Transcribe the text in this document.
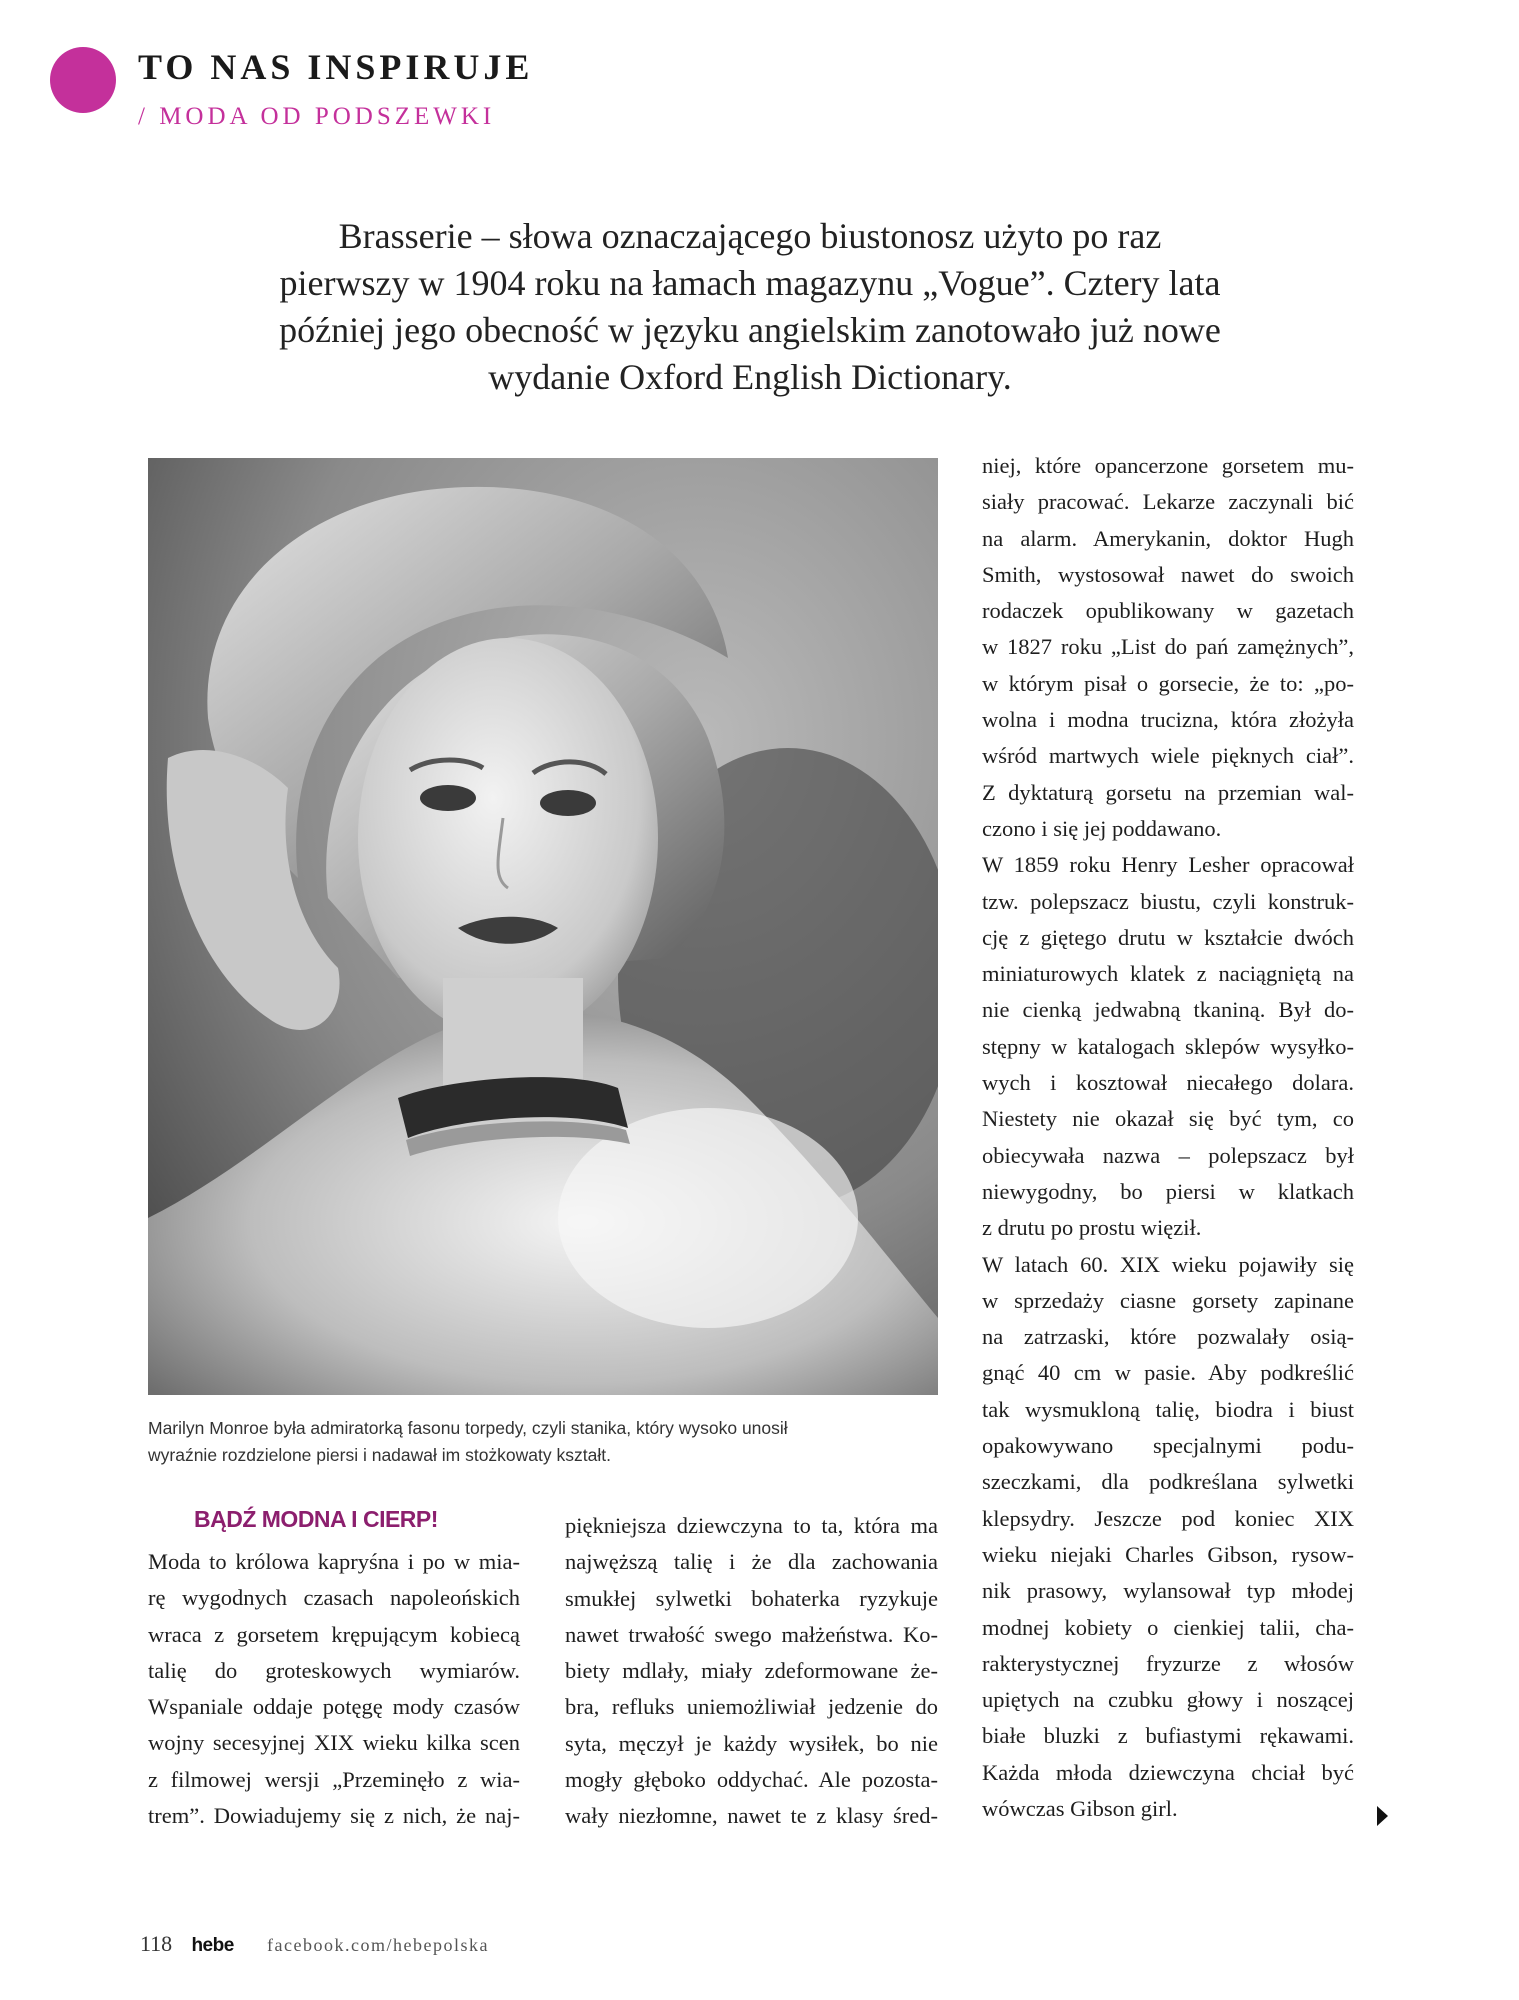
TO NAS INSPIRUJE
/ MODA OD PODSZEWKI
Brasserie – słowa oznaczającego biustonosz użyto po raz
pierwszy w 1904 roku na łamach magazynu „Vogue”. Cztery lata
później jego obecność w języku angielskim zanotowało już nowe
wydanie Oxford English Dictionary.
Marilyn Monroe była admiratorką fasonu torpedy, czyli stanika, który wysoko unosił
wyraźnie rozdzielone piersi i nadawał im stożkowaty kształt.
BĄDŹ MODNA I CIERP!
Moda to królowa kapryśna i po w mia-
rę wygodnych czasach napoleońskich
wraca z gorsetem krępującym kobiecą
talię do groteskowych wymiarów.
Wspaniale oddaje potęgę mody czasów
wojny secesyjnej XIX wieku kilka scen
z filmowej wersji „Przeminęło z wia-
trem”. Dowiadujemy się z nich, że naj-
piękniejsza dziewczyna to ta, która ma
najwęższą talię i że dla zachowania
smukłej sylwetki bohaterka ryzykuje
nawet trwałość swego małżeństwa. Ko-
biety mdlały, miały zdeformowane że-
bra, refluks uniemożliwiał jedzenie do
syta, męczył je każdy wysiłek, bo nie
mogły głęboko oddychać. Ale pozosta-
wały niezłomne, nawet te z klasy śred-
niej, które opancerzone gorsetem mu-
siały pracować. Lekarze zaczynali bić
na alarm. Amerykanin, doktor Hugh
Smith, wystosował nawet do swoich
rodaczek opublikowany w gazetach
w 1827 roku „List do pań zamężnych”,
w którym pisał o gorsecie, że to: „po-
wolna i modna trucizna, która złożyła
wśród martwych wiele pięknych ciał”.
Z dyktaturą gorsetu na przemian wal-
czono i się jej poddawano.
W 1859 roku Henry Lesher opracował
tzw. polepszacz biustu, czyli konstruk-
cję z giętego drutu w kształcie dwóch
miniaturowych klatek z naciągniętą na
nie cienką jedwabną tkaniną. Był do-
stępny w katalogach sklepów wysyłko-
wych i kosztował niecałego dolara.
Niestety nie okazał się być tym, co
obiecywała nazwa – polepszacz był
niewygodny, bo piersi w klatkach
z drutu po prostu więził.
W latach 60. XIX wieku pojawiły się
w sprzedaży ciasne gorsety zapinane
na zatrzaski, które pozwalały osią-
gnąć 40 cm w pasie. Aby podkreślić
tak wysmukloną talię, biodra i biust
opakowywano specjalnymi podu-
szeczkami, dla podkreślana sylwetki
klepsydry. Jeszcze pod koniec XIX
wieku niejaki Charles Gibson, rysow-
nik prasowy, wylansował typ młodej
modnej kobiety o cienkiej talii, cha-
rakterystycznej fryzurze z włosów
upiętych na czubku głowy i noszącej
białe bluzki z bufiastymi rękawami.
Każda młoda dziewczyna chciał być
wówczas Gibson girl.
118 hebe facebook.com/hebepolska
